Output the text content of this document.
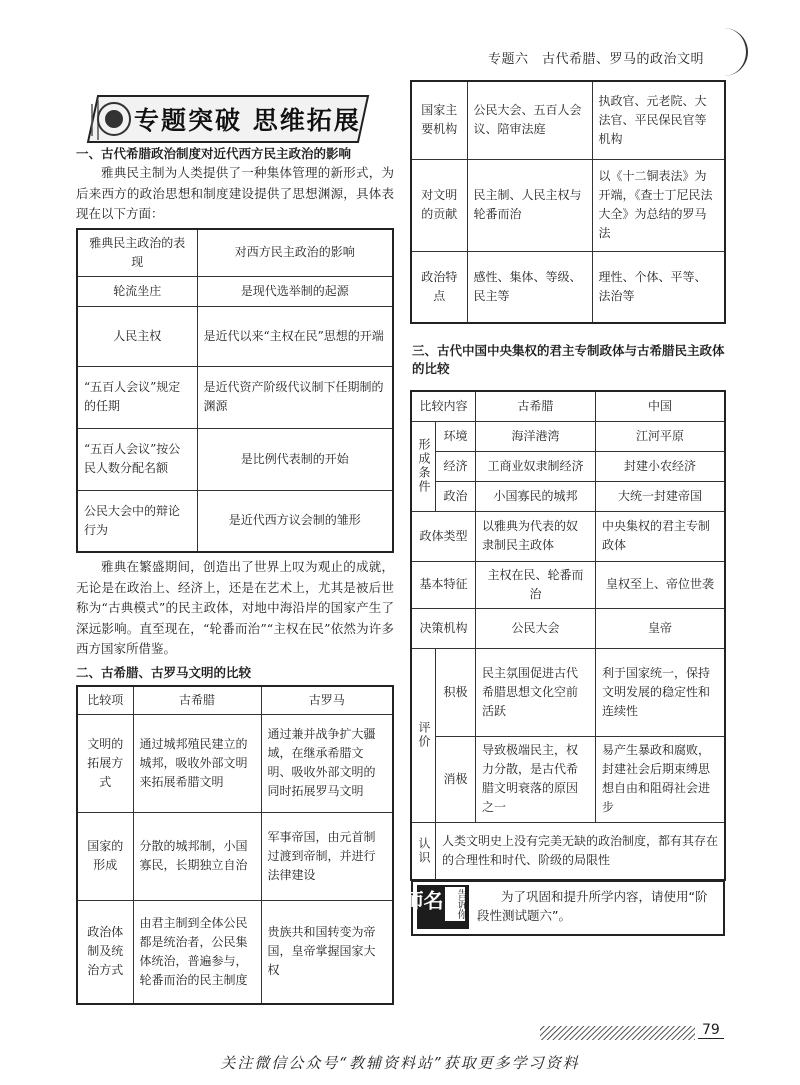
专题六　古代希腊、罗马的政治文明
专题突破 思维拓展

一、古代希腊政治制度对近代西方民主政治的影响

雅典民主制为人类提供了一种集体管理的新形式，为后来西方的政治思想和制度建设提供了思想渊源，具体表现在以下方面：

雅典民主政治的表现	对西方民主政治的影响
轮流坐庄	是现代选举制的起源
人民主权	是近代以来“主权在民”思想的开端
“五百人会议”规定的任期	是近代资产阶级代议制下任期制的渊源
“五百人会议”按公民人数分配名额	是比例代表制的开始
公民大会中的辩论行为	是近代西方议会制的雏形

雅典在繁盛期间，创造出了世界上叹为观止的成就，无论是在政治上、经济上，还是在艺术上，尤其是被后世称为“古典模式”的民主政体，对地中海沿岸的国家产生了深远影响。直至现在，“轮番而治”“主权在民”依然为许多西方国家所借鉴。

二、古希腊、古罗马文明的比较

比较项	古希腊	古罗马
文明的拓展方式	通过城邦殖民建立的城邦，吸收外部文明来拓展希腊文明	通过兼并战争扩大疆域，在继承希腊文明、吸收外部文明的同时拓展罗马文明
国家的形成	分散的城邦制，小国寡民，长期独立自治	军事帝国，由元首制过渡到帝制，并进行法律建设
政治体制及统治方式	由君主制到全体公民都是统治者，公民集体统治，普遍参与，轮番而治的民主制度	贵族共和国转变为帝国，皇帝掌握国家大权
国家主要机构	公民大会、五百人会议、陪审法庭	执政官、元老院、大法官、平民保民官等机构
对文明的贡献	民主制、人民主权与轮番而治	以《十二铜表法》为开端，《查士丁尼民法大全》为总结的罗马法
政治特点	感性、集体、等级、民主等	理性、个体、平等、法治等

三、古代中国中央集权的君主专制政体与古希腊民主政体的比较

比较内容		古希腊	中国
形成条件	环境	海洋港湾	江河平原
	经济	工商业奴隶制经济	封建小农经济
	政治	小国寡民的城邦	大统一封建帝国
政体类型		以雅典为代表的奴隶制民主政体	中央集权的君主专制政体
基本特征		主权在民、轮番而治	皇权至上、帝位世袭
决策机构		公民大会	皇帝
评价	积极	民主氛围促进古代希腊思想文化空前活跃	利于国家统一，保持文明发展的稳定性和连续性
	消极	导致极端民主，权力分散，是古代希腊文明衰落的原因之一	易产生暴政和腐败，封建社会后期束缚思想自由和阻碍社会进步
认识	人类文明史上没有完美无缺的政治制度，都有其存在的合理性和时代、阶级的局限性		
名师	告诉你	为了巩固和提升所学内容，请使用“阶段性测试题六”。
79
关注微信公众号“教辅资料站”获取更多学习资料
